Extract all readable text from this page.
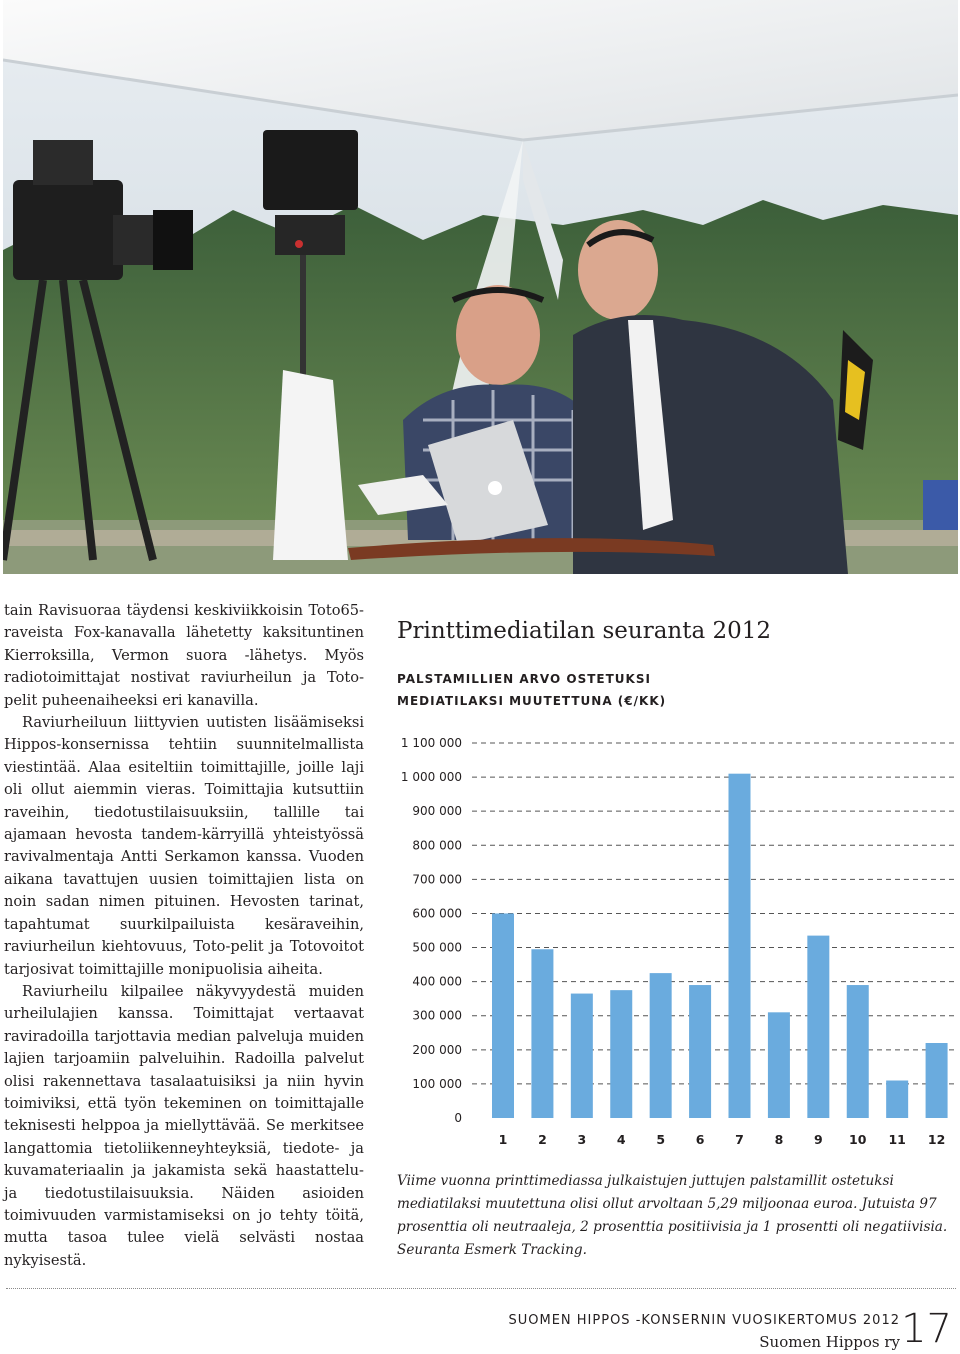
tain Ravisuoraa täydensi keskiviikkoisin Toto65-raveista Fox-kanavalla lähetetty kaksituntinen Kierroksilla, Vermon suora -lähetys. Myös radiotoimittajat nostivat raviurheilun ja Toto-pelit puheenaiheeksi eri kanavilla.

Raviurheiluun liittyvien uutisten lisäämiseksi Hippos-konsernissa tehtiin suunnitelmallista viestintää. Alaa esiteltiin toimittajille, joille laji oli ollut aiemmin vieras. Toimittajia kutsuttiin raveihin, tiedotustilaisuuksiin, tallille tai ajamaan hevosta tandem-kärryillä yhteistyössä ravivalmentaja Antti Serkamon kanssa. Vuoden aikana tavattujen uusien toimittajien lista on noin sadan nimen pituinen. Hevosten tarinat, tapahtumat suurkilpailuista kesäraveihin, raviurheilun kiehtovuus, Toto-pelit ja Totovoitot tarjosivat toimittajille monipuolisia aiheita.

Raviurheilu kilpailee näkyvyydestä muiden urheilulajien kanssa. Toimittajat vertaavat raviradoilla tarjottavia median palveluja muiden lajien tarjoamiin palveluihin. Radoilla palvelut olisi rakennettava tasalaatuisiksi ja niin hyvin toimiviksi, että työn tekeminen on toimittajalle teknisesti helppoa ja miellyttävää. Se merkitsee langattomia tietoliikenneyhteyksiä, tiedote- ja kuvamateriaalin ja jakamista sekä haastattelu- ja tiedotustilaisuuksia. Näiden asioiden toimivuuden varmistamiseksi on jo tehty töitä, mutta tasoa tulee vielä selvästi nostaa nykyisestä.

Printtimediatilan seuranta 2012
PALSTAMILLIEN ARVO OSTETUKSI
MEDIATILAKSI MUUTETTUNA (€/KK)
0
100 000
200 000
300 000
400 000
500 000
600 000
700 000
800 000
900 000
1 000 000
1 100 000
1 2 3 4 5 6 7 8 9 10 11 12
Viime vuonna printtimediassa julkaistujen juttujen palstamillit ostetuksi mediatilaksi muutettuna olisi ollut arvoltaan 5,29 miljoonaa euroa. Jutuista 97 prosenttia oli neutraaleja, 2 prosenttia positiivisia ja 1 prosentti oli negatiivisia. Seuranta Esmerk Tracking.
SUOMEN HIPPOS -KONSERNIN VUOSIKERTOMUS 2012
Suomen Hippos ry 17
